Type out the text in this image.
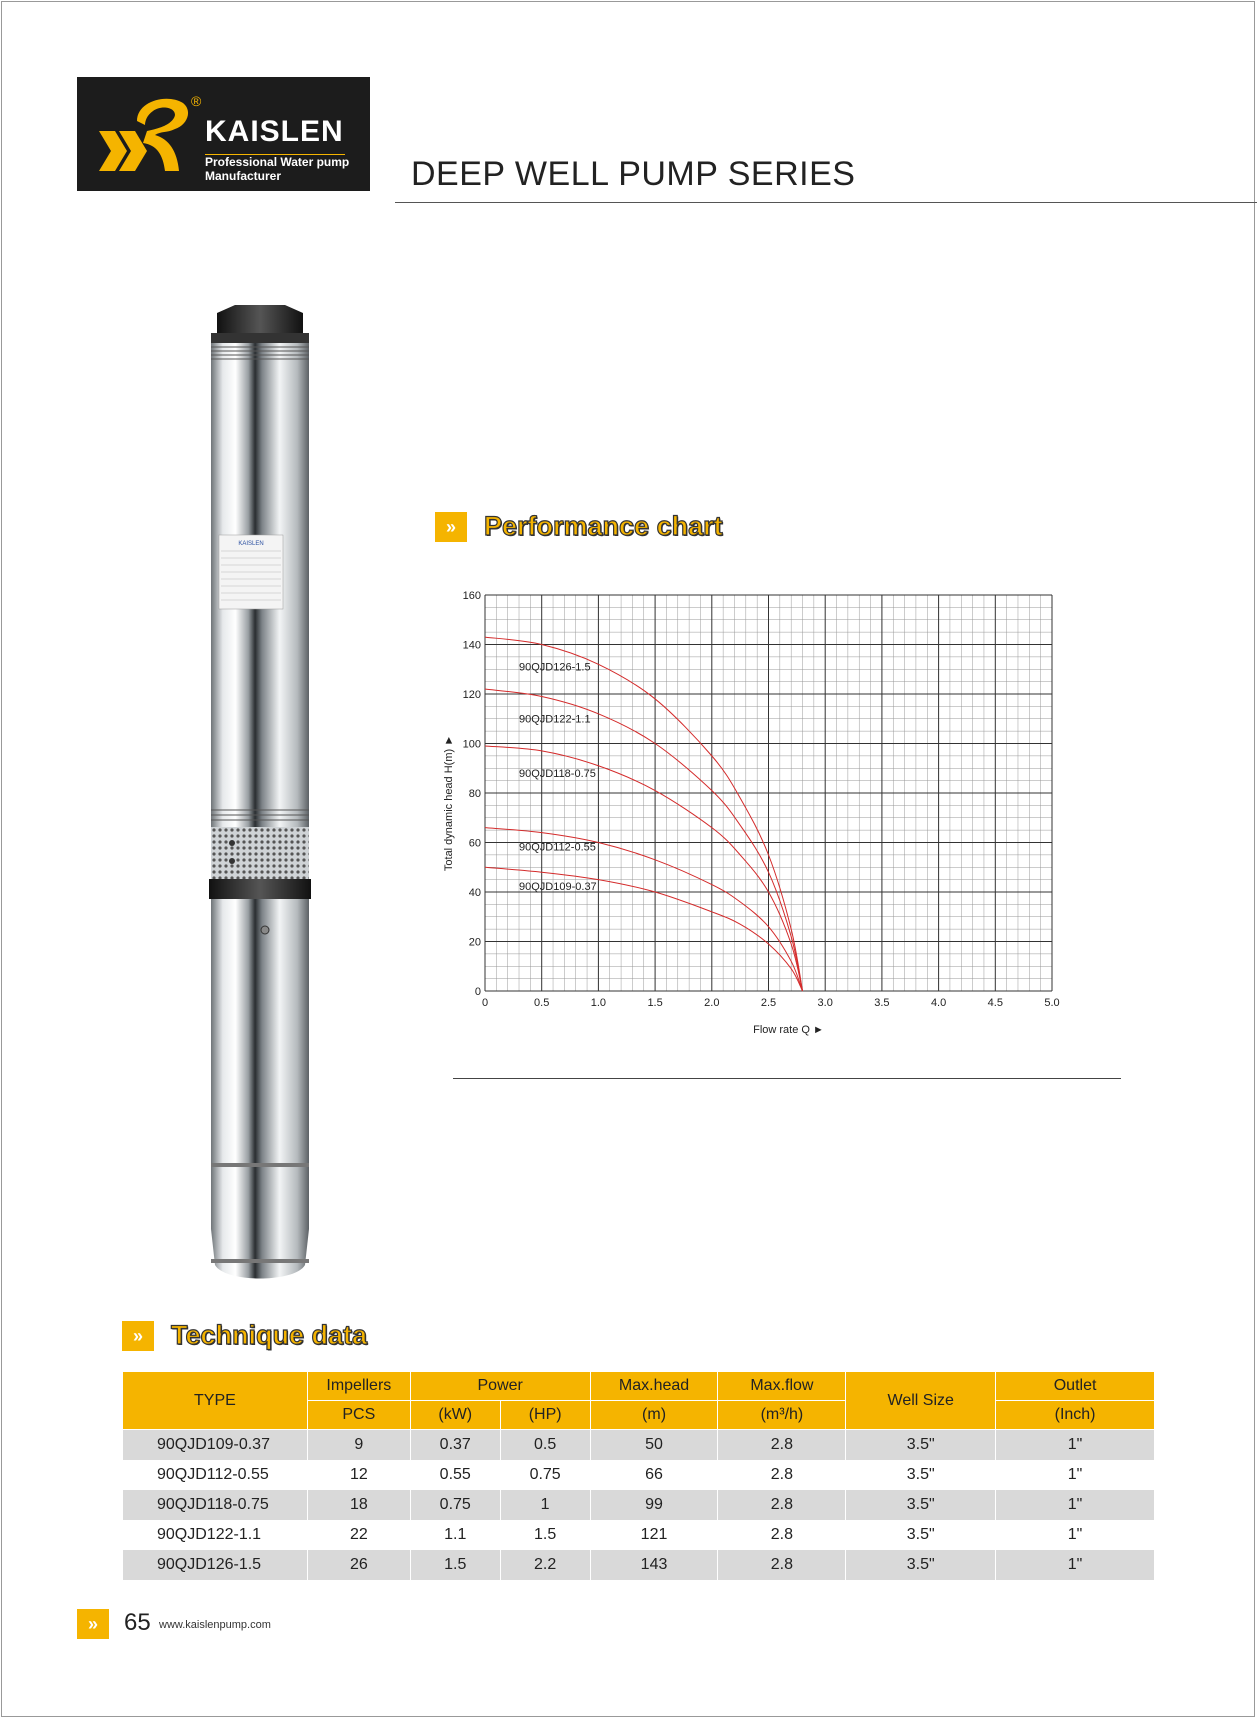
®
KAISLEN
Professional Water pump
Manufacturer	DEEP WELL PUMP SERIES
KAISLEN
»	Performance chart
0	0.5	1.0	1.5	2.0	2.5	3.0	3.5	4.0	4.5	5.0
0
20
40
60
80
100
120
140
160
Flow rate Q ►
Total dynamic head H(m) ►
90QJD126-1.5
90QJD122-1.1
90QJD118-0.75
90QJD112-0.55
90QJD109-0.37
»	Technique data
TYPE	Impellers	Power		Max.head	Max.flow	Well Size	Outlet
	PCS	(kW)	(HP)	(m)	(m³/h)		(Inch)
90QJD109-0.37	9	0.37	0.5	50	2.8	3.5"	1"
90QJD112-0.55	12	0.55	0.75	66	2.8	3.5"	1"
90QJD118-0.75	18	0.75	1	99	2.8	3.5"	1"
90QJD122-1.1	22	1.1	1.5	121	2.8	3.5"	1"
90QJD126-1.5	26	1.5	2.2	143	2.8	3.5"	1"
»	65 www.kaislenpump.com
